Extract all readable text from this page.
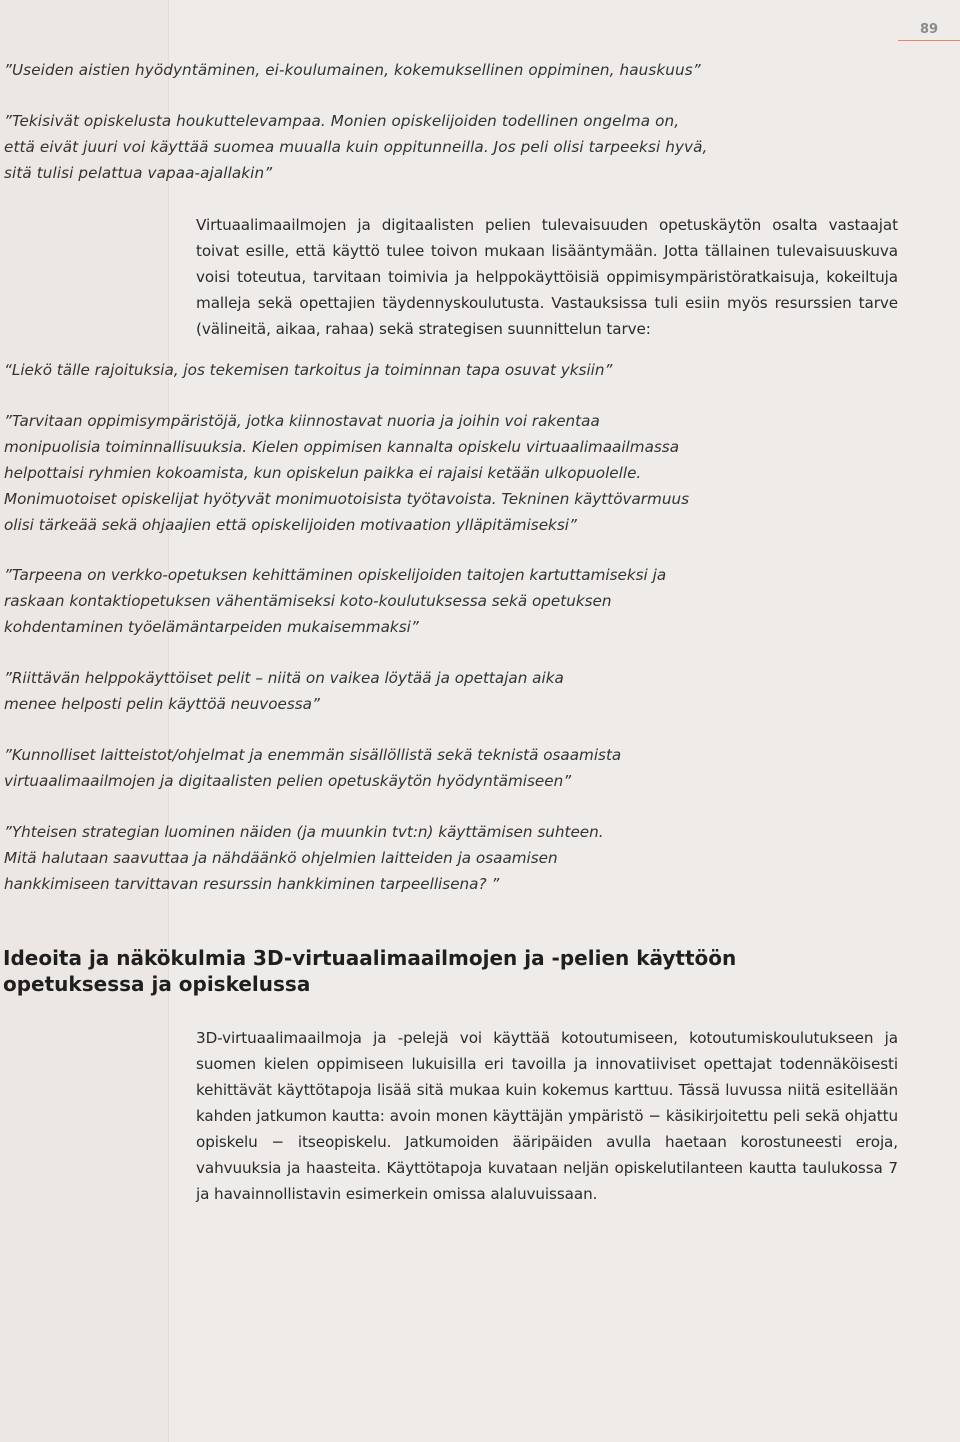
89

”Useiden aistien hyödyntäminen, ei-koulumainen, kokemuksellinen oppiminen, hauskuus”

”Tekisivät opiskelusta houkuttelevampaa. Monien opiskelijoiden todellinen ongelma on,
että eivät juuri voi käyttää suomea muualla kuin oppitunneilla. Jos peli olisi tarpeeksi hyvä,
sitä tulisi pelattua vapaa-ajallakin”

Virtuaalimaailmojen ja digitaalisten pelien tulevaisuuden opetuskäytön osalta vastaajat toivat esille, että käyttö tulee toivon mukaan lisääntymään. Jotta tällainen tulevaisuuskuva voisi toteutua, tarvitaan toimivia ja helppokäyttöisiä oppimisympäristöratkaisuja, kokeiltuja malleja sekä opettajien täydennyskoulutusta. Vastauksissa tuli esiin myös resurssien tarve (välineitä, aikaa, rahaa) sekä strategisen suunnittelun tarve:

“Liekö tälle rajoituksia, jos tekemisen tarkoitus ja toiminnan tapa osuvat yksiin”

”Tarvitaan oppimisympäristöjä, jotka kiinnostavat nuoria ja joihin voi rakentaa
monipuolisia toiminnallisuuksia. Kielen oppimisen kannalta opiskelu virtuaalimaailmassa
helpottaisi ryhmien kokoamista, kun opiskelun paikka ei rajaisi ketään ulkopuolelle.
Monimuotoiset opiskelijat hyötyvät monimuotoisista työtavoista. Tekninen käyttövarmuus
olisi tärkeää sekä ohjaajien että opiskelijoiden motivaation ylläpitämiseksi”

”Tarpeena on verkko-opetuksen kehittäminen opiskelijoiden taitojen kartuttamiseksi ja
raskaan kontaktiopetuksen vähentämiseksi koto-koulutuksessa sekä opetuksen
kohdentaminen työelämäntarpeiden mukaisemmaksi”

”Riittävän helppokäyttöiset pelit – niitä on vaikea löytää ja opettajan aika
menee helposti pelin käyttöä neuvoessa”

”Kunnolliset laitteistot/ohjelmat ja enemmän sisällöllistä sekä teknistä osaamista
virtuaalimaailmojen ja digitaalisten pelien opetuskäytön hyödyntämiseen”

”Yhteisen strategian luominen näiden (ja muunkin tvt:n) käyttämisen suhteen.
Mitä halutaan saavuttaa ja nähdäänkö ohjelmien laitteiden ja osaamisen
hankkimiseen tarvittavan resurssin hankkiminen tarpeellisena? ”

Ideoita ja näkökulmia 3D-virtuaalimaailmojen ja -pelien käyttöön
opetuksessa ja opiskelussa

3D-virtuaalimaailmoja ja -pelejä voi käyttää kotoutumiseen, kotoutumiskoulutukseen ja suomen kielen oppimiseen lukuisilla eri tavoilla ja innovatiiviset opettajat todennäköisesti kehittävät käyttötapoja lisää sitä mukaa kuin kokemus karttuu. Tässä luvussa niitä esitellään kahden jatkumon kautta: avoin monen käyttäjän ympäristö − käsikirjoitettu peli sekä ohjattu opiskelu − itseopiskelu. Jatkumoiden ääripäiden avulla haetaan korostuneesti eroja, vahvuuksia ja haasteita. Käyttötapoja kuvataan neljän opiskelutilanteen kautta taulukossa 7 ja havainnollistavin esimerkein omissa alaluvuissaan.
